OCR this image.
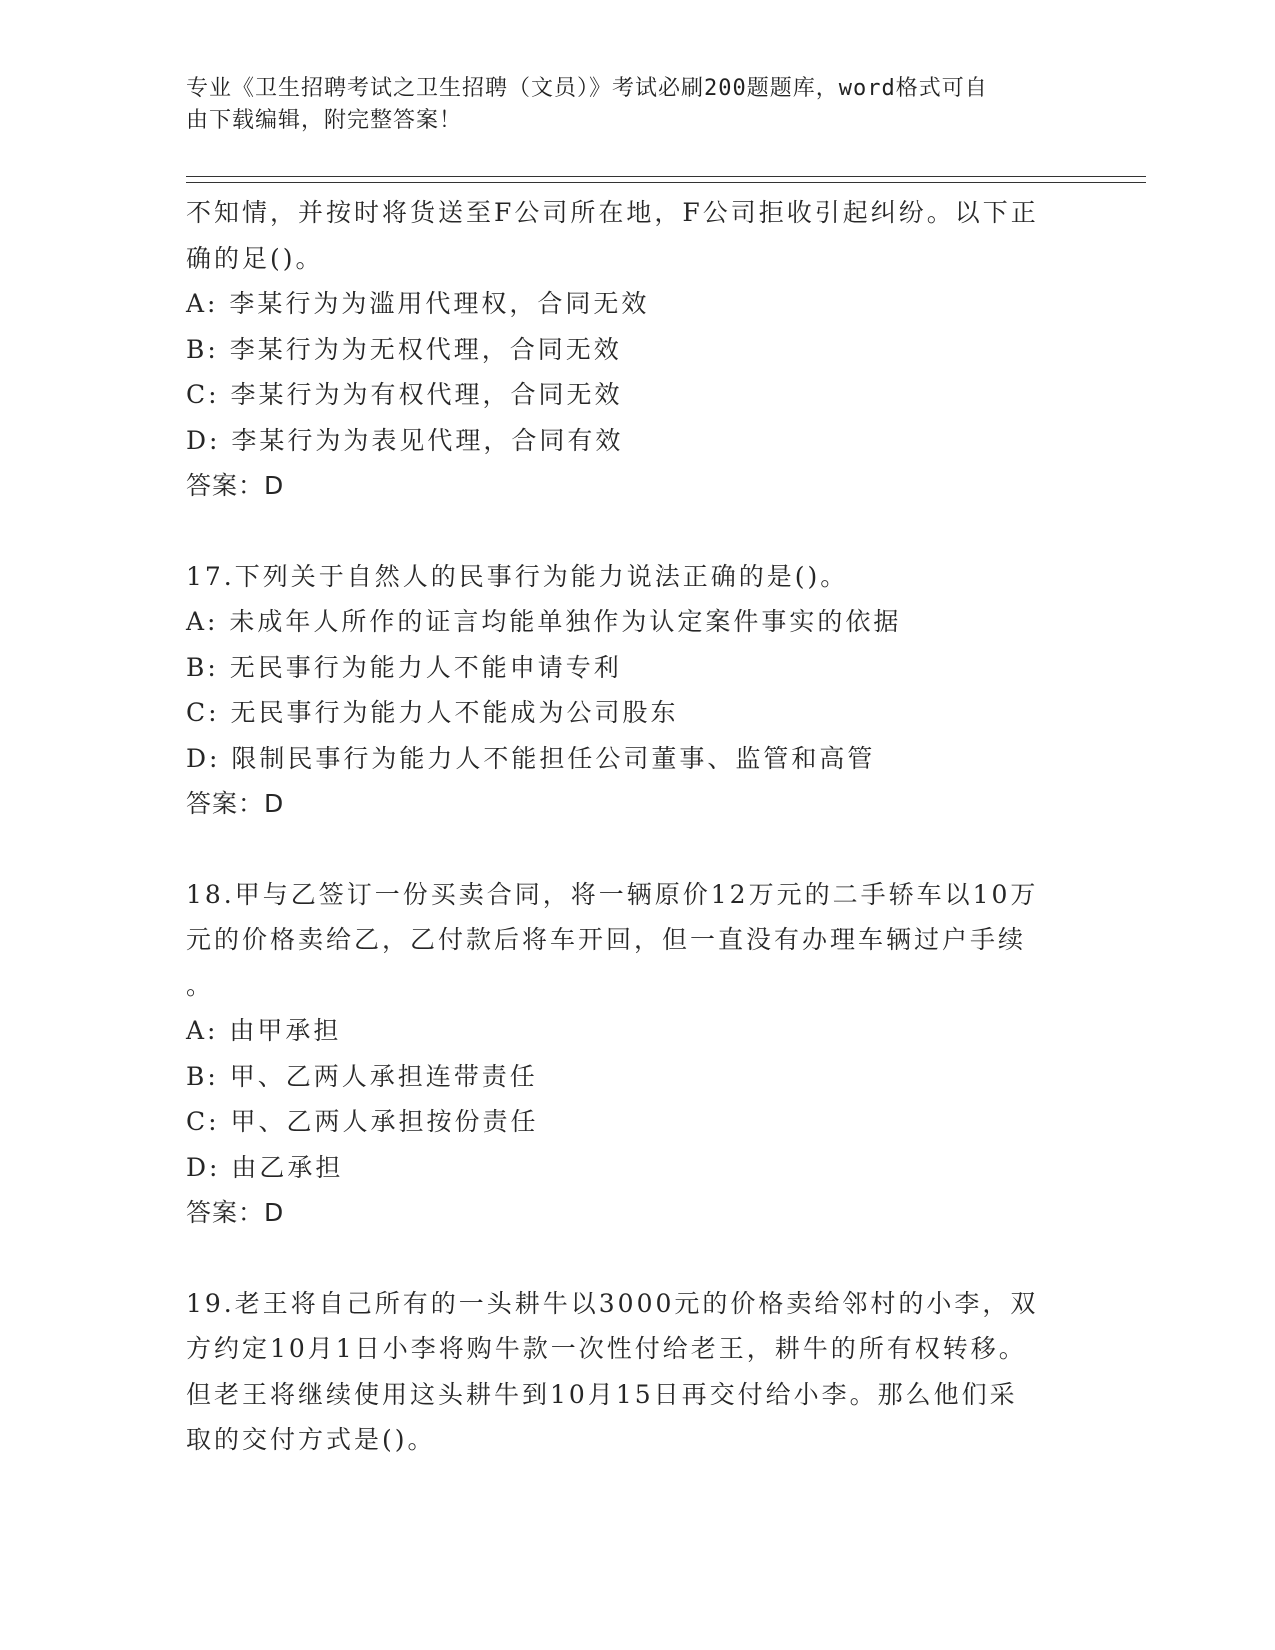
专业《卫生招聘考试之卫生招聘（文员）》考试必刷200题题库，word格式可自
由下载编辑，附完整答案！
不知情，并按时将货送至F公司所在地，F公司拒收引起纠纷。以下正
确的足()。
A: 李某行为为滥用代理权，合同无效
B: 李某行为为无权代理，合同无效
C: 李某行为为有权代理，合同无效
D: 李某行为为表见代理，合同有效
答案：D
17.下列关于自然人的民事行为能力说法正确的是()。
A: 未成年人所作的证言均能单独作为认定案件事实的依据
B: 无民事行为能力人不能申请专利
C: 无民事行为能力人不能成为公司股东
D: 限制民事行为能力人不能担任公司董事、监管和高管
答案：D
18.甲与乙签订一份买卖合同，将一辆原价12万元的二手轿车以10万
元的价格卖给乙，乙付款后将车开回，但一直没有办理车辆过户手续
。
A: 由甲承担
B: 甲、乙两人承担连带责任
C: 甲、乙两人承担按份责任
D: 由乙承担
答案：D
19.老王将自己所有的一头耕牛以3000元的价格卖给邻村的小李，双
方约定10月1日小李将购牛款一次性付给老王，耕牛的所有权转移。
但老王将继续使用这头耕牛到10月15日再交付给小李。那么他们采
取的交付方式是()。
